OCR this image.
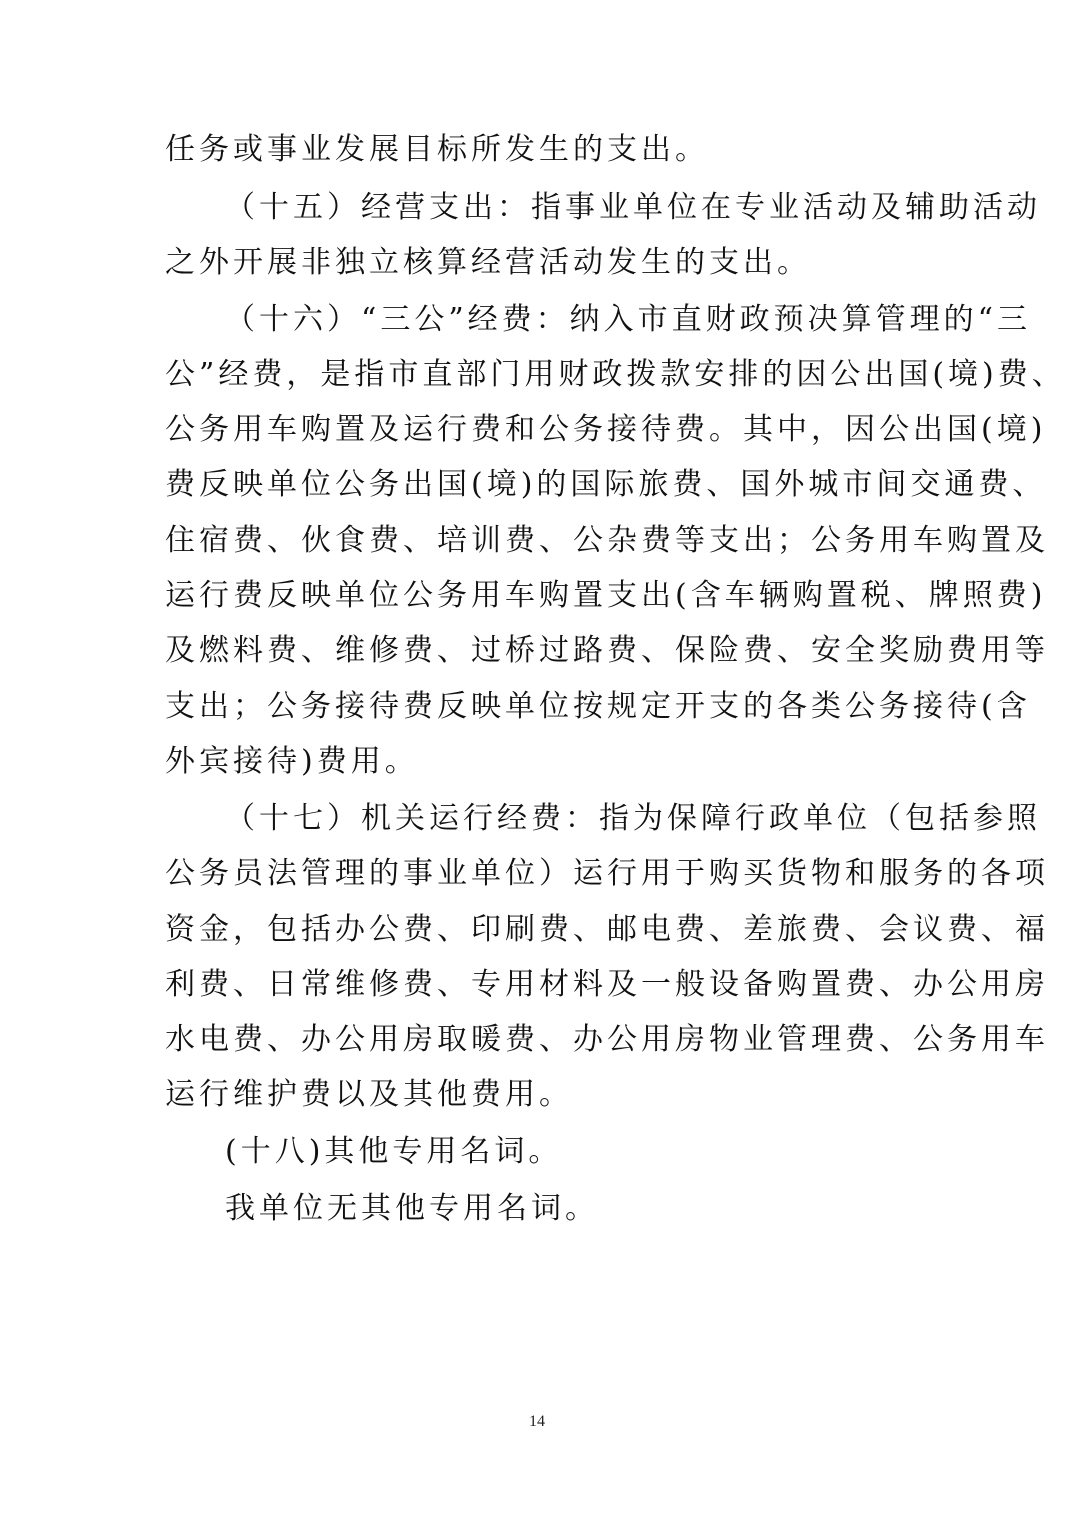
任务或事业发展目标所发生的支出。
（十五）经营支出：指事业单位在专业活动及辅助活动
之外开展非独立核算经营活动发生的支出。
（十六）“三公”经费：纳入市直财政预决算管理的“三
公”经费，是指市直部门用财政拨款安排的因公出国(境)费、
公务用车购置及运行费和公务接待费。其中，因公出国(境)
费反映单位公务出国(境)的国际旅费、国外城市间交通费、
住宿费、伙食费、培训费、公杂费等支出；公务用车购置及
运行费反映单位公务用车购置支出(含车辆购置税、牌照费)
及燃料费、维修费、过桥过路费、保险费、安全奖励费用等
支出；公务接待费反映单位按规定开支的各类公务接待(含
外宾接待)费用。
（十七）机关运行经费：指为保障行政单位（包括参照
公务员法管理的事业单位）运行用于购买货物和服务的各项
资金，包括办公费、印刷费、邮电费、差旅费、会议费、福
利费、日常维修费、专用材料及一般设备购置费、办公用房
水电费、办公用房取暖费、办公用房物业管理费、公务用车
运行维护费以及其他费用。
(十八)其他专用名词。
我单位无其他专用名词。
14
